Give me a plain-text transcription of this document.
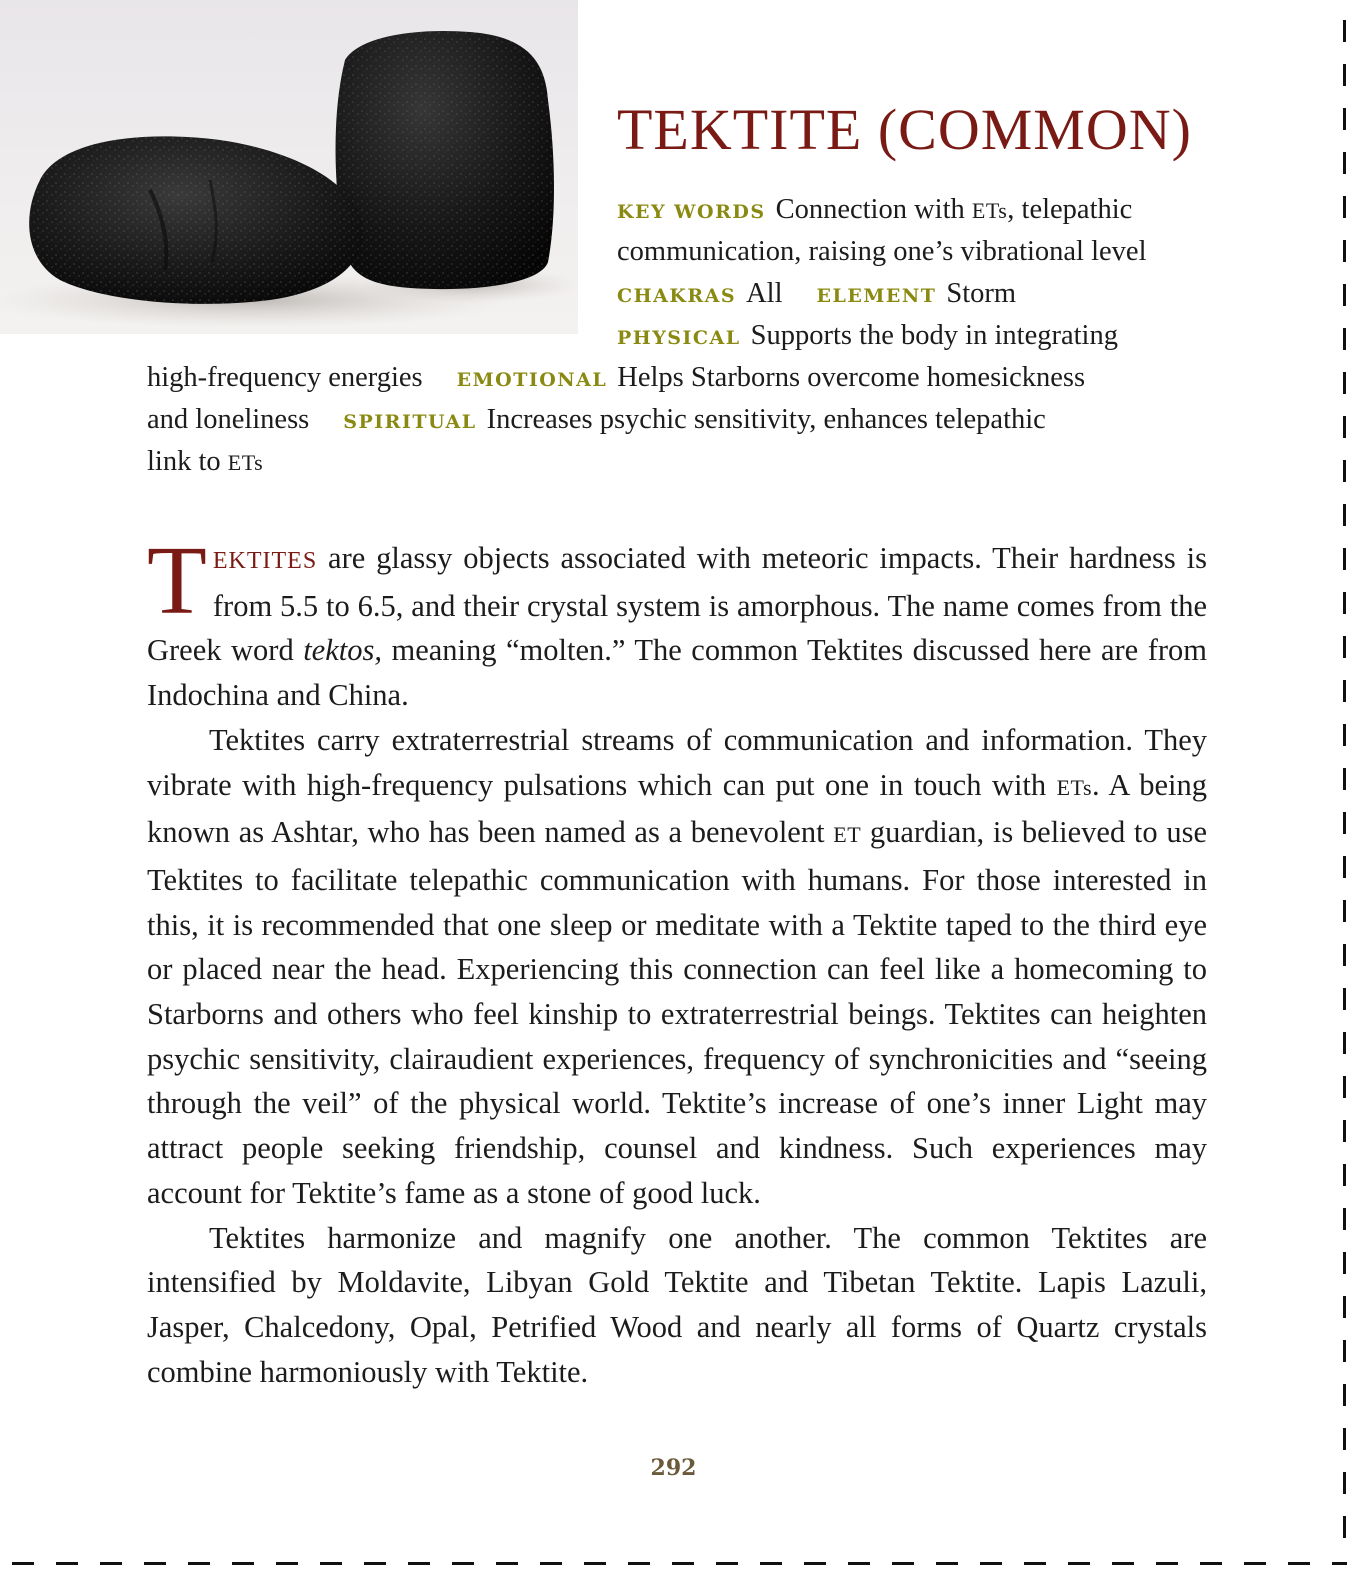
TEKTITE (COMMON)
KEY WORDS Connection with ETs, telepathic
communication, raising one’s vibrational level
CHAKRAS All ELEMENT Storm
PHYSICAL Supports the body in integrating
high-frequency energies EMOTIONAL Helps Starborns overcome homesickness
and loneliness SPIRITUAL Increases psychic sensitivity, enhances telepathic
link to ETs

TEKTITES are glassy objects associated with meteoric impacts. Their hardness is from 5.5 to 6.5, and their crystal system is amorphous. The name comes from the Greek word tektos, meaning “molten.” The common Tektites discussed here are from Indochina and China.

Tektites carry extraterrestrial streams of communication and information. They vibrate with high-frequency pulsations which can put one in touch with ETs. A being known as Ashtar, who has been named as a benevolent ET guardian, is believed to use Tektites to facilitate telepathic communication with humans. For those interested in this, it is recommended that one sleep or meditate with a Tektite taped to the third eye or placed near the head. Experiencing this connection can feel like a homecoming to Starborns and others who feel kinship to extraterrestrial beings. Tektites can heighten psychic sensitivity, clairaudient experiences, frequency of synchronicities and “seeing through the veil” of the physical world. Tektite’s increase of one’s inner Light may attract people seeking friendship, counsel and kindness. Such experiences may account for Tektite’s fame as a stone of good luck.

Tektites harmonize and magnify one another. The common Tektites are intensified by Moldavite, Libyan Gold Tektite and Tibetan Tektite. Lapis Lazuli, Jasper, Chalcedony, Opal, Petrified Wood and nearly all forms of Quartz crystals combine harmoniously with Tektite.

292
